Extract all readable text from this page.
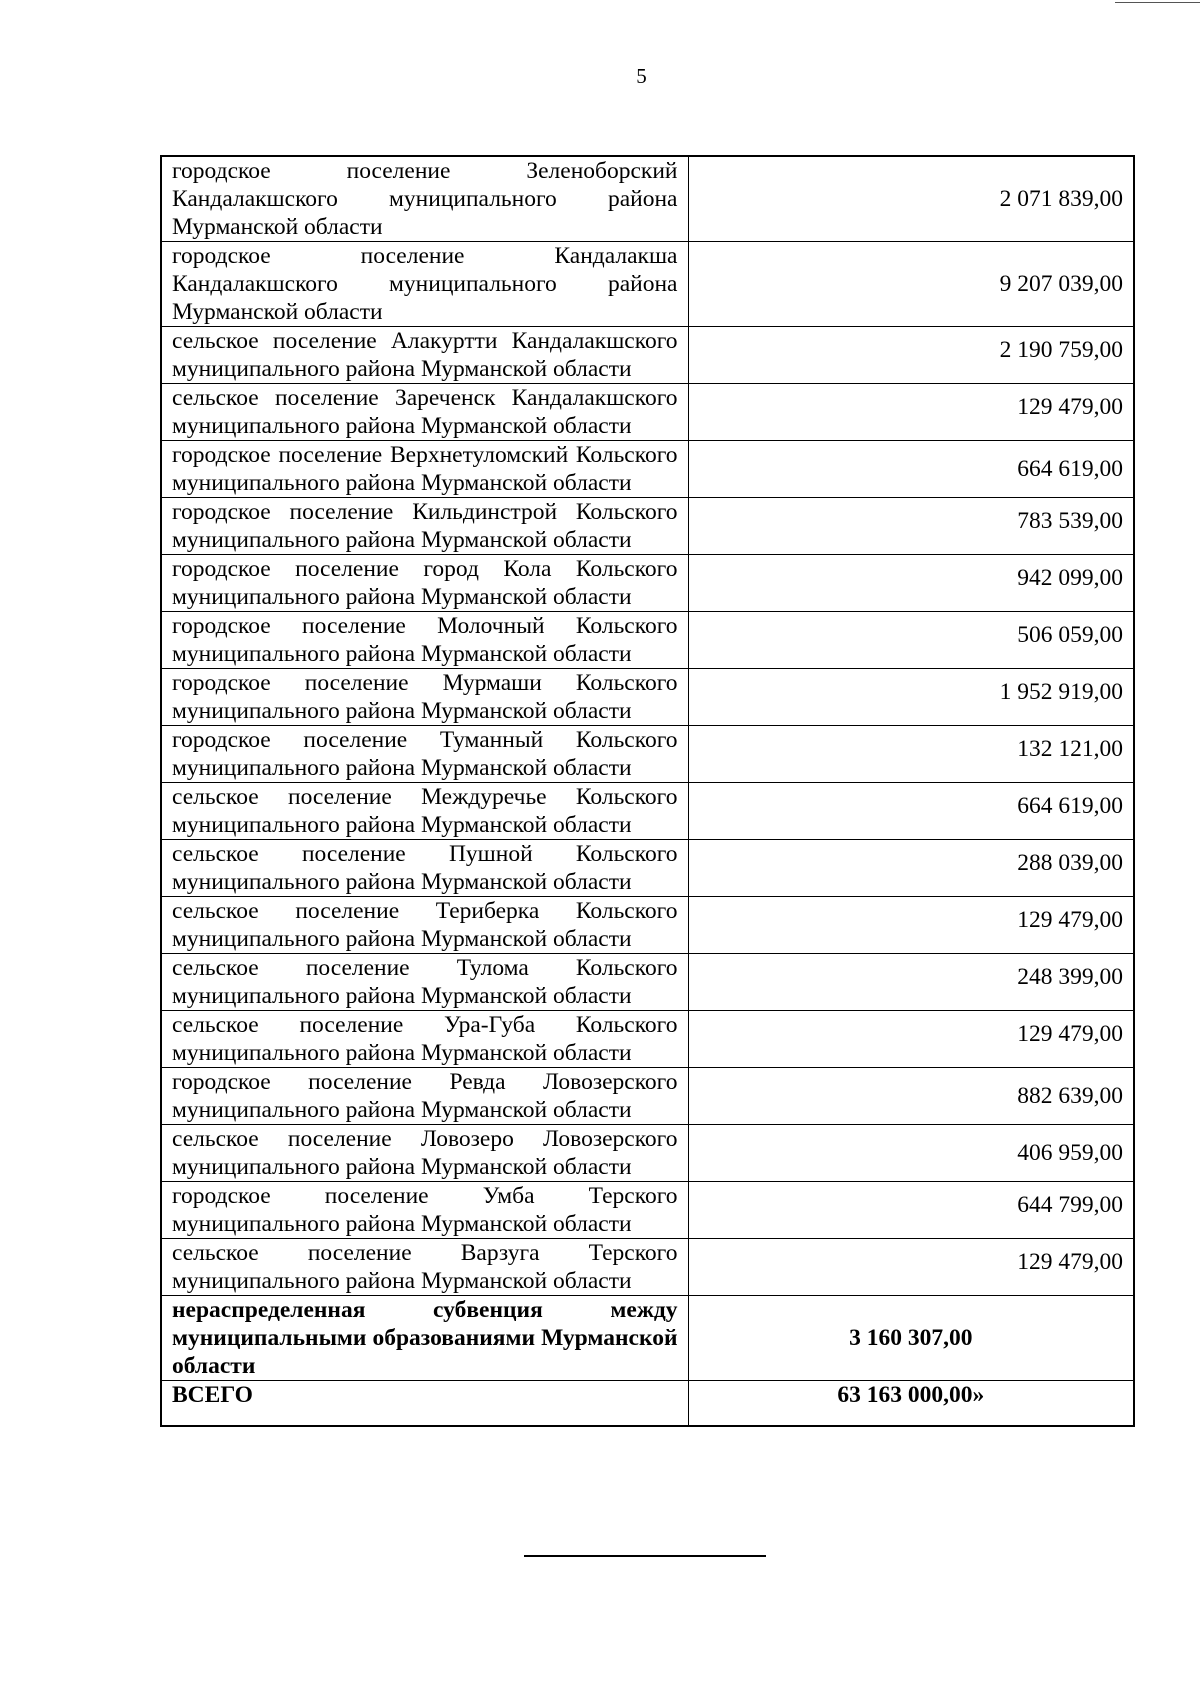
5
городское поселение Зеленоборский Кандалакшского муниципального района Мурманской области	2 071 839,00
городское поселение Кандалакша Кандалакшского муниципального района Мурманской области	9 207 039,00
сельское поселение Алакуртти Кандалакшского муниципального района Мурманской области	2 190 759,00
сельское поселение Зареченск Кандалакшского муниципального района Мурманской области	129 479,00
городское поселение Верхнетуломский Кольского муниципального района Мурманской области	664 619,00
городское поселение Кильдинстрой Кольского муниципального района Мурманской области	783 539,00
городское поселение город Кола Кольского муниципального района Мурманской области	942 099,00
городское поселение Молочный Кольского муниципального района Мурманской области	506 059,00
городское поселение Мурмаши Кольского муниципального района Мурманской области	1 952 919,00
городское поселение Туманный Кольского муниципального района Мурманской области	132 121,00
сельское поселение Междуречье Кольского муниципального района Мурманской области	664 619,00
сельское поселение Пушной Кольского муниципального района Мурманской области	288 039,00
сельское поселение Териберка Кольского муниципального района Мурманской области	129 479,00
сельское поселение Тулома Кольского муниципального района Мурманской области	248 399,00
сельское поселение Ура-Губа Кольского муниципального района Мурманской области	129 479,00
городское поселение Ревда Ловозерского муниципального района Мурманской области	882 639,00
сельское поселение Ловозеро Ловозерского муниципального района Мурманской области	406 959,00
городское поселение Умба Терского муниципального района Мурманской области	644 799,00
сельское поселение Варзуга Терского муниципального района Мурманской области	129 479,00
нераспределенная субвенция между муниципальными образованиями Мурманской области	3 160 307,00
ВСЕГО	63 163 000,00»
